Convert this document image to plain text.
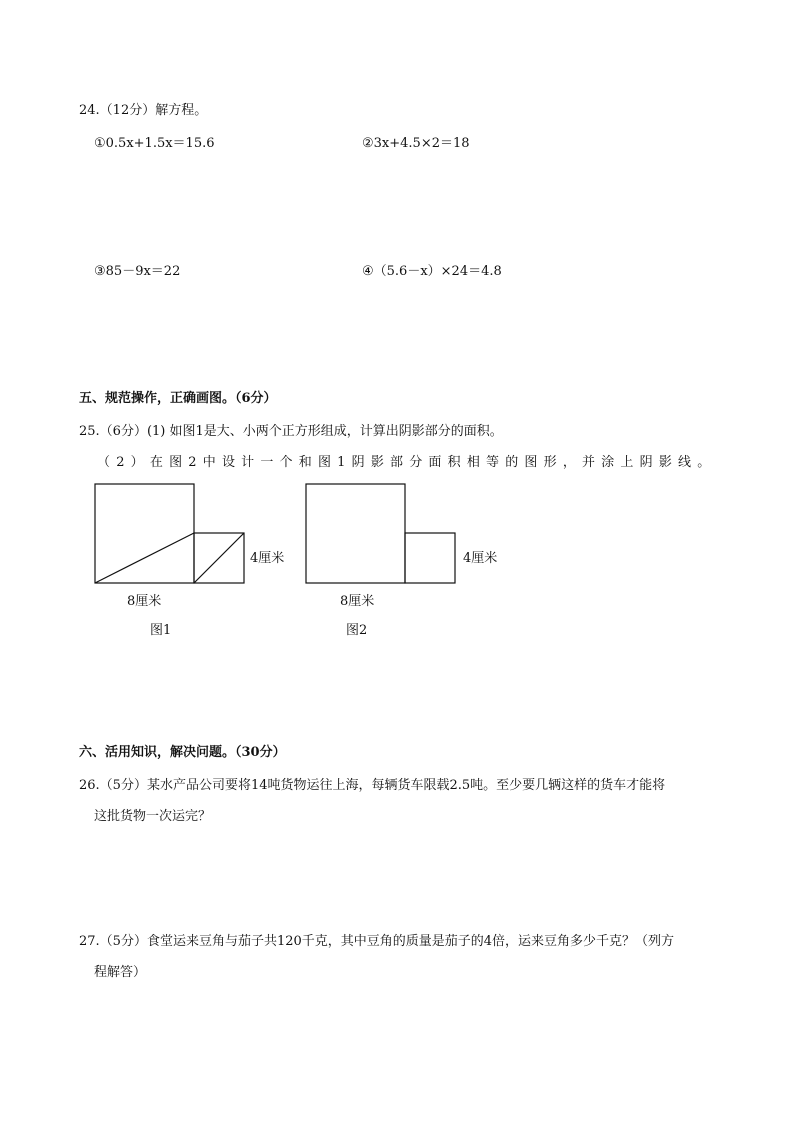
24.（12分）解方程。
①0.5x+1.5x＝15.6	②3x+4.5×2＝18
③85－9x＝22	④（5.6－x）×24＝4.8
五、规范操作，正确画图。（6分）
25.（6分）(1) 如图1是大、小两个正方形组成，计算出阴影部分的面积。
（2）在图2中设计一个和图1阴影部分面积相等的图形，并涂上阴影线。
4厘米
8厘米
图1
4厘米
8厘米
图2
六、活用知识，解决问题。（30分）
26.（5分）某水产品公司要将14吨货物运往上海，每辆货车限载2.5吨。至少要几辆这样的货车才能将
这批货物一次运完？
27.（5分）食堂运来豆角与茄子共120千克，其中豆角的质量是茄子的4倍，运来豆角多少千克？（列方
程解答）
